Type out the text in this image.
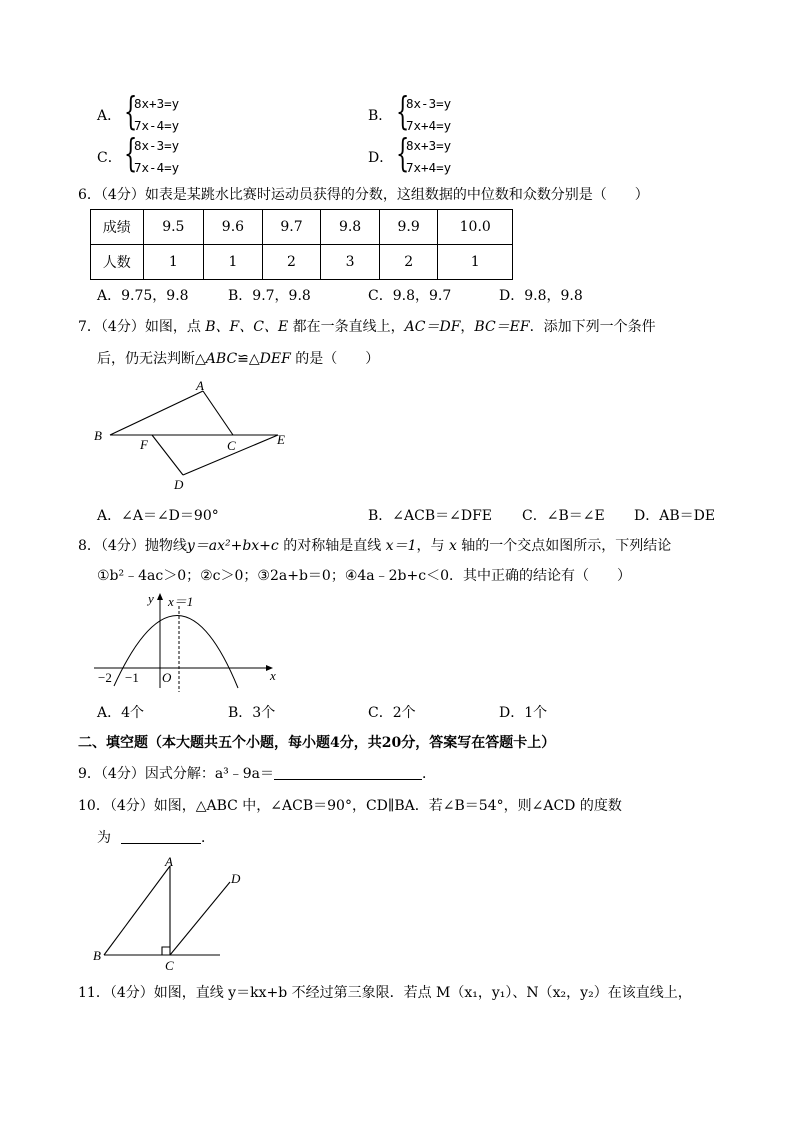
A． {
8x+3=y
7x-4=y
B． {
8x-3=y
7x+4=y
C． {
8x-3=y
7x-4=y
D． {
8x+3=y
7x+4=y
6．（4分）如表是某跳水比赛时运动员获得的分数，这组数据的中位数和众数分别是（　　）
成绩	9.5	9.6	9.7	9.8	9.9	10.0
人数	1	1	2	3	2	1
A．9.75，9.8	B．9.7，9.8	C．9.8，9.7	D．9.8，9.8
7．（4分）如图，点 B、F、C、E 都在一条直线上，AC＝DF，BC＝EF．添加下列一个条件
后，仍无法判断△ABC≌△DEF 的是（　　）
A
B
F	C	E
D
A．∠A＝∠D＝90°	B．∠ACB＝∠DFE C．∠B＝∠E D．AB＝DE
8．（4分）抛物线y＝ax²+bx+c 的对称轴是直线 x＝1，与 x 轴的一个交点如图所示，下列结论
①b²﹣4ac＞0；②c＞0；③2a+b＝0；④4a﹣2b+c＜0．其中正确的结论有（　　）
y x＝1
x
O
−2 −1
A．4个	B．3个	C．2个	D．1个
二、填空题（本大题共五个小题，每小题4分，共20分，答案写在答题卡上）
9．（4分）因式分解：a³﹣9a＝	．
10．（4分）如图，△ABC 中，∠ACB＝90°，CD∥BA．若∠B＝54°，则∠ACD 的度数
为	．
A
B
C
D
11．（4分）如图，直线 y＝kx+b 不经过第三象限．若点 M（x₁，y₁）、N（x₂，y₂）在该直线上，
